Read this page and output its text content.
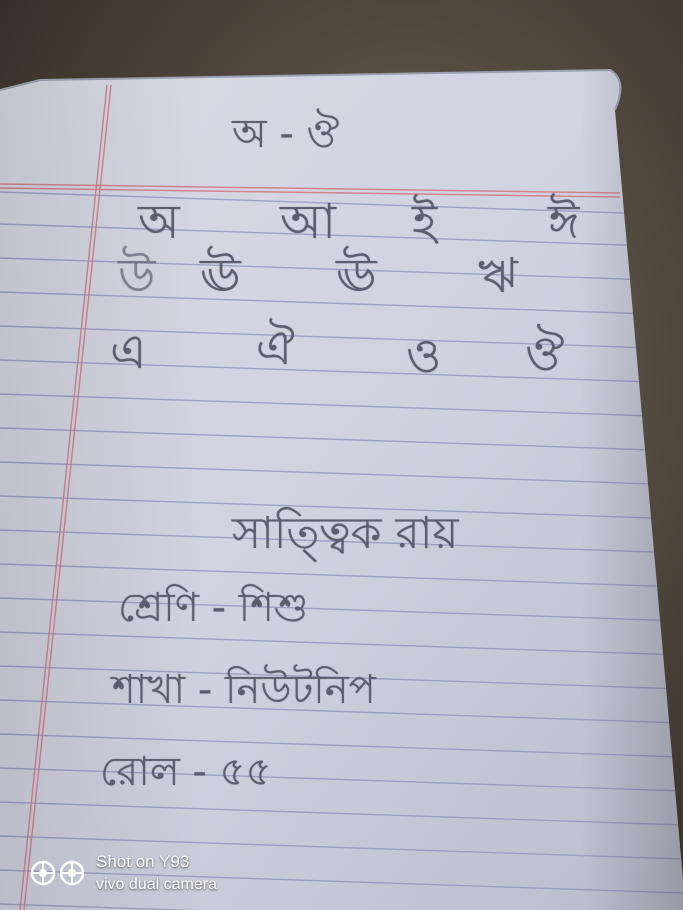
অ - ঔ
অ আ ই ঈ
উ ঊ ঊ ঋ
এ ঐ ও ঔ
সাত্ত্বিক রায়
শ্রেণি - শিশু
শাখা - নিউটনিপ
রোল - ৫৫
Shot on Y93
vivo dual camera
